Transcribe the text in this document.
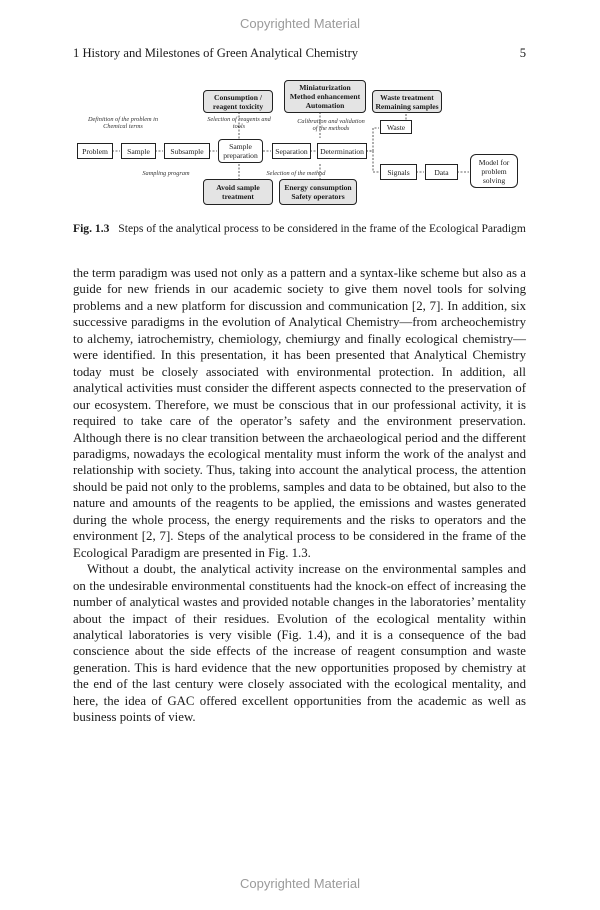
Copyrighted Material
1 History and Milestones of Green Analytical Chemistry	5
Problem	Sample	Subsample	Sample preparation	Separation	Determination
Signals	Data
Model for problem solving
Waste
Consumption /
reagent toxicity
Miniaturization
Method enhancement
Automation
Waste treatment
Remaining samples
Avoid sample
treatment
Energy consumption
Safety operators
Definition of the problem in
Chemical terms
Selection of reagents and
tools
Calibration and validation
of the methods
Sampling program	Selection of the method
Fig. 1.3 Steps of the analytical process to be considered in the frame of the Ecological Paradigm

the term paradigm was used not only as a pattern and a syntax-like scheme but also as a guide for new friends in our academic society to give them novel tools for solving problems and a new platform for discussion and communication [2, 7]. In addition, six successive paradigms in the evolution of Analytical Chemistry—from archeochemistry to alchemy, iatrochemistry, chemiology, chemiurgy and finally ecological chemistry—were identified. In this presentation, it has been presented that Analytical Chemistry today must be closely associated with environmental protection. In addition, all analytical activities must consider the different aspects connected to the preservation of our ecosystem. Therefore, we must be conscious that in our professional activity, it is required to take care of the operator’s safety and the environment preservation. Although there is no clear transition between the archaeological period and the different paradigms, nowadays the ecological mentality must inform the work of the analyst and relationship with society. Thus, taking into account the analytical process, the attention should be paid not only to the problems, samples and data to be obtained, but also to the nature and amounts of the reagents to be applied, the emissions and wastes generated during the whole process, the energy requirements and the risks to operators and the environment [2, 7]. Steps of the analytical process to be considered in the frame of the Ecological Paradigm are presented in Fig. 1.3.

Without a doubt, the analytical activity increase on the environmental samples and on the undesirable environmental constituents had the knock-on effect of increasing the number of analytical wastes and provided notable changes in the laboratories’ mentality about the impact of their residues. Evolution of the ecological mentality within analytical laboratories is very visible (Fig. 1.4), and it is a consequence of the bad conscience about the side effects of the increase of reagent consumption and waste generation. This is hard evidence that the new opportunities proposed by chemistry at the end of the last century were closely associated with the ecological mentality, and here, the idea of GAC offered excellent opportunities from the academic as well as business points of view.

Copyrighted Material
